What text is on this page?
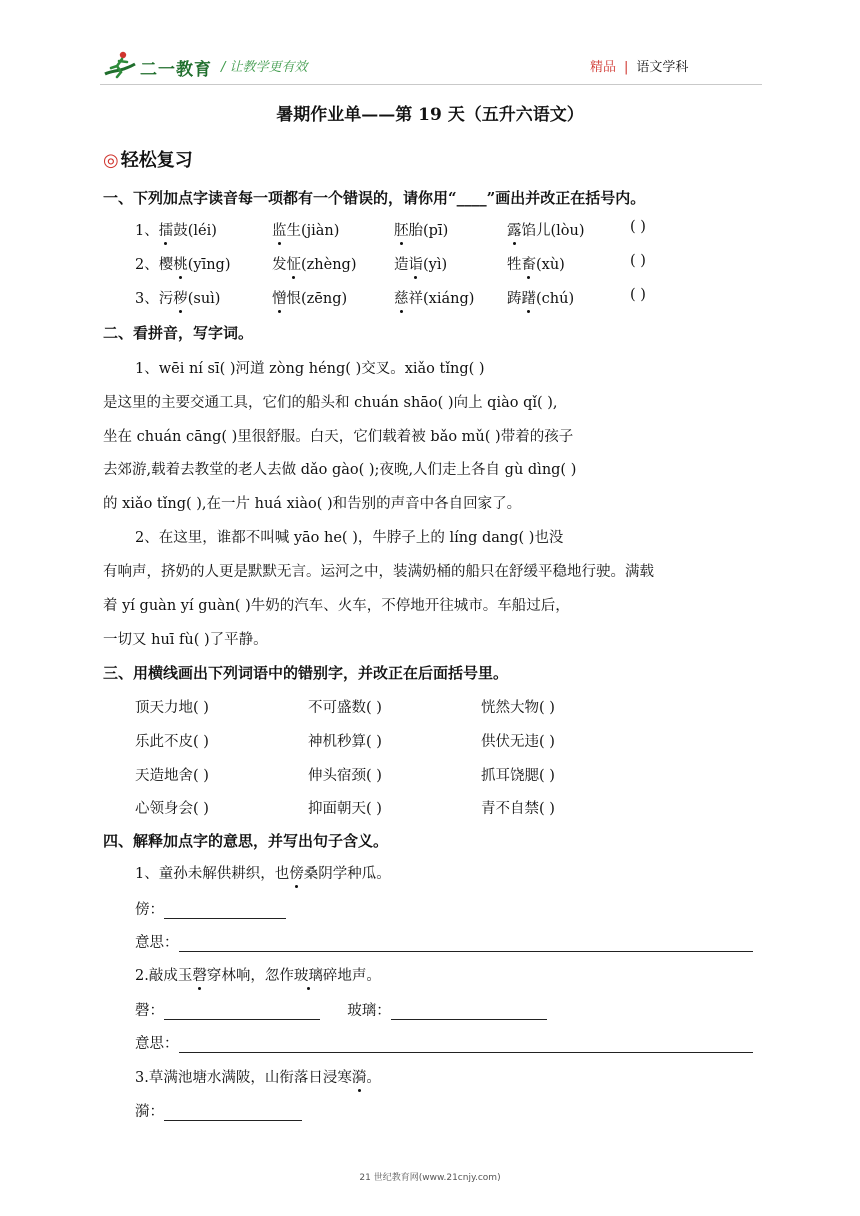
二一教育 / 让教学更有效	精品 | 语文学科
暑期作业单——第 19 天（五升六语文）
◎ 轻松复习
一、下列加点字读音每一项都有一个错误的，请你用“____”画出并改正在括号内。
1、擂鼓(léi)	监生(jiàn)	胚胎(pī)	露馅儿(lòu)	( )
2、樱桃(yīng)	发怔(zhèng)	造诣(yì)	牲畜(xù)	( )
3、污秽(suì)	憎恨(zēng)	慈祥(xiáng) 踌躇(chú)	( )
二、看拼音，写字词。
1、wēi ní sī( )河道 zòng héng( )交叉。xiǎo tǐng( )
是这里的主要交通工具，它们的船头和 chuán shāo( )向上 qiào qǐ( ),
坐在 chuán cāng( )里很舒服。白天，它们载着被 bǎo mǔ( )带着的孩子
去郊游,载着去教堂的老人去做 dǎo gào( );夜晚,人们走上各自 gù dìng( )
的 xiǎo tǐng( ),在一片 huá xiào( )和告别的声音中各自回家了。
2、在这里，谁都不叫喊 yāo he( )，牛脖子上的 líng dang( )也没
有响声，挤奶的人更是默默无言。运河之中，装满奶桶的船只在舒缓平稳地行驶。满载
着 yí guàn yí guàn( )牛奶的汽车、火车，不停地开往城市。车船过后，
一切又 huī fù( )了平静。
三、用横线画出下列词语中的错别字，并改正在后面括号里。
顶天力地( )	不可盛数( )	恍然大物( )
乐此不皮( )	神机秒算( )	供伏无违( )
天造地舍( )	伸头宿颈( )	抓耳饶腮( )
心领身会( )	抑面朝天( )	青不自禁( )
四、解释加点字的意思，并写出句子含义。
1、童孙未解供耕织，也傍桑阴学种瓜。
傍：
意思：
2.敲成玉磬穿林响，忽作玻璃碎地声。
磬：	玻璃：
意思：
3.草满池塘水满陂，山衔落日浸寒漪。
漪：
21 世纪教育网(www.21cnjy.com)
